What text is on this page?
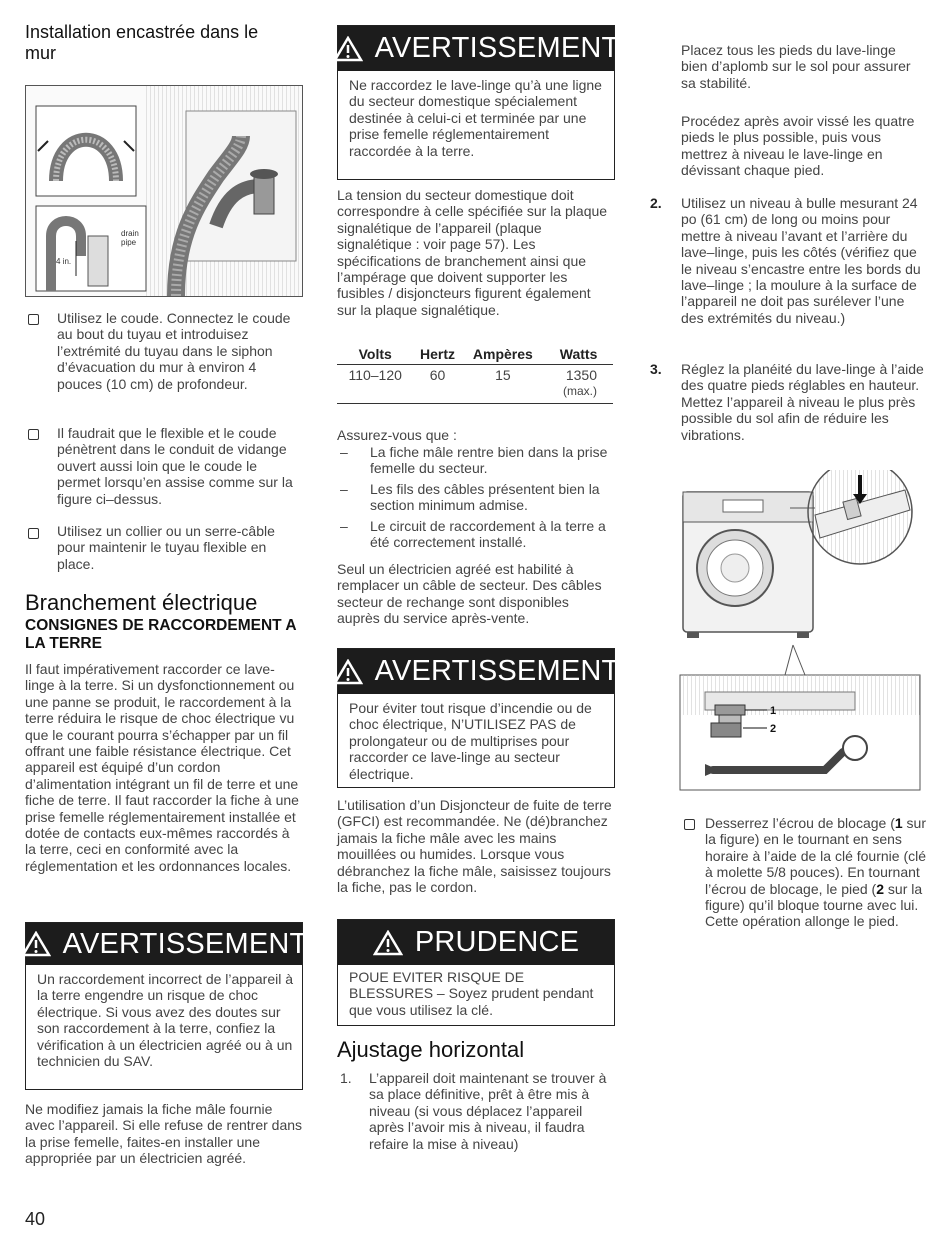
Installation encastrée dans le mur
drain
pipe
4 in.
Utilisez le coude. Connectez le coude au bout du tuyau et introduisez l’extrémité du tuyau dans le siphon d’évacuation du mur à environ 4 pouces (10 cm) de profondeur.
Il faudrait que le flexible et le coude pénètrent dans le conduit de vidange ouvert aussi loin que le coude le permet lorsqu’en assise comme sur la figure ci–dessus.
Utilisez un collier ou un serre-câble pour maintenir le tuyau flexible en place.
Branchement électrique
CONSIGNES DE RACCORDEMENT A LA TERRE
Il faut impérativement raccorder ce lave-linge à la terre. Si un dysfonctionnement ou une panne se produit, le raccordement à la terre réduira le risque de choc électrique vu que le courant pourra s’échapper par un fil offrant une faible résistance électrique. Cet appareil est équipé d’un cordon d’alimentation intégrant un fil de terre et une fiche de terre. Il faut raccorder la fiche à une prise femelle réglementairement installée et dotée de contacts eux-mêmes raccordés à la terre, ceci en conformité avec la réglementation et les ordonnances locales.
AVERTISSEMENT
Un raccordement incorrect de l’appareil à la terre engendre un risque de choc électrique. Si vous avez des doutes sur son raccordement à la terre, confiez la vérification à un électricien agréé ou à un technicien du SAV.
Ne modifiez jamais la fiche mâle fournie avec l’appareil. Si elle refuse de rentrer dans la prise femelle, faites-en installer une appropriée par un électricien agréé.
40
AVERTISSEMENT
Ne raccordez le lave-linge qu’à une ligne du secteur domestique spécialement destinée à celui-ci et terminée par une prise femelle réglementairement raccordée à la terre.
La tension du secteur domestique doit correspondre à celle spécifiée sur la plaque signalétique de l’appareil (plaque signalétique : voir page 57). Les spécifications de branchement ainsi que l’ampérage que doivent supporter les fusibles / disjoncteurs figurent également sur la plaque signalétique.
Volts	Hertz	Ampères	Watts
110–120	60	15	1350
(max.)
Assurez-vous que :
– La fiche mâle rentre bien dans la prise femelle du secteur.
– Les fils des câbles présentent bien la section minimum admise.
– Le circuit de raccordement à la terre a été correctement installé.
Seul un électricien agréé est habilité à remplacer un câble de secteur. Des câbles secteur de rechange sont disponibles auprès du service après-vente.
AVERTISSEMENT
Pour éviter tout risque d’incendie ou de choc électrique, N’UTILISEZ PAS de prolongateur ou de multiprises pour raccorder ce lave-linge au secteur électrique.
L’utilisation d’un Disjoncteur de fuite de terre (GFCI) est recommandée. Ne (dé)branchez jamais la fiche mâle avec les mains mouillées ou humides. Lorsque vous débranchez la fiche mâle, saisissez toujours la fiche, pas le cordon.
PRUDENCE
POUE EVITER RISQUE DE BLESSURES – Soyez prudent pendant que vous utilisez la clé.
Ajustage horizontal
1. L’appareil doit maintenant se trouver à sa place définitive, prêt à être mis à niveau (si vous déplacez l’appareil après l’avoir mis à niveau, il faudra refaire la mise à niveau)
Placez tous les pieds du lave-linge bien d’aplomb sur le sol pour assurer sa stabilité.
Procédez après avoir vissé les quatre pieds le plus possible, puis vous mettrez à niveau le lave-linge en dévissant chaque pied.
2. Utilisez un niveau à bulle mesurant 24 po (61 cm) de long ou moins pour mettre à niveau l’avant et l’arrière du lave–linge, puis les côtés (vérifiez que le niveau s’encastre entre les bords du lave–linge ; la moulure à la surface de l’appareil ne doit pas surélever l’une des extrémités du niveau.)
3. Réglez la planéité du lave-linge à l’aide des quatre pieds réglables en hauteur. Mettez l’appareil à niveau le plus près possible du sol afin de réduire les vibrations.
1
2
Desserrez l’écrou de blocage (1 sur la figure) en le tournant en sens horaire à l’aide de la clé fournie (clé à molette 5/8 pouces). En tournant l’écrou de blocage, le pied (2 sur la figure) qu’il bloque tourne avec lui. Cette opération allonge le pied.
